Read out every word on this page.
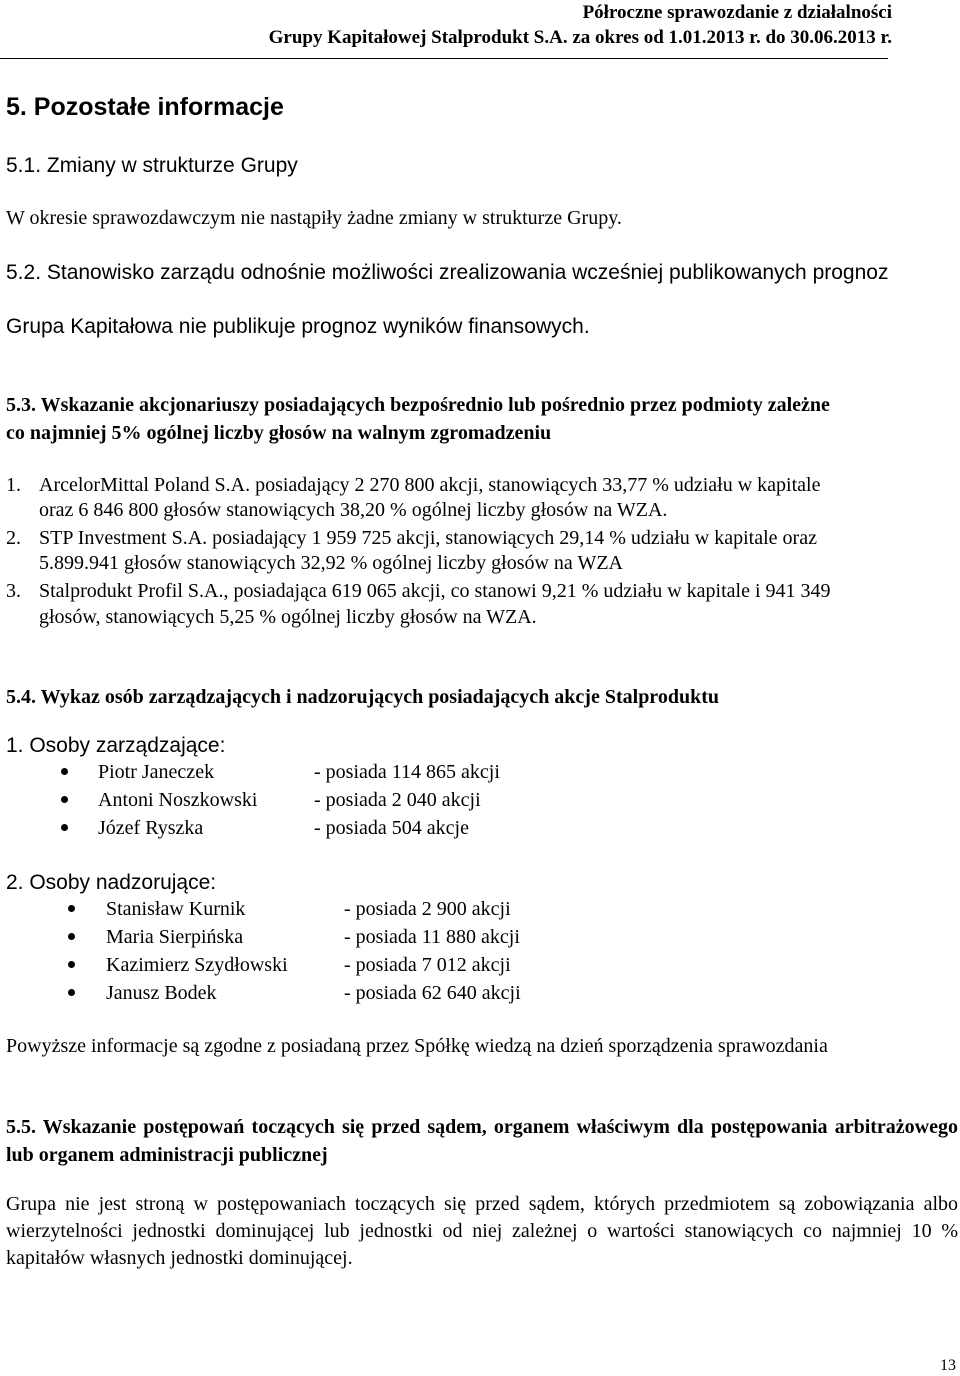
Półroczne sprawozdanie z działalności
Grupy Kapitałowej Stalprodukt S.A. za okres od 1.01.2013 r. do 30.06.2013 r.
5. Pozostałe informacje
5.1. Zmiany w strukturze Grupy
W okresie sprawozdawczym nie nastąpiły żadne zmiany w strukturze Grupy.
5.2. Stanowisko zarządu odnośnie możliwości zrealizowania wcześniej publikowanych prognoz
Grupa Kapitałowa nie publikuje prognoz wyników finansowych.
5.3. Wskazanie akcjonariuszy posiadających bezpośrednio lub pośrednio przez podmioty zależne
co najmniej 5% ogólnej liczby głosów na walnym zgromadzeniu
1. ArcelorMittal Poland S.A. posiadający 2 270 800 akcji, stanowiących 33,77 % udziału w kapitale
oraz 6 846 800 głosów stanowiących 38,20 % ogólnej liczby głosów na WZA.
2. STP Investment S.A. posiadający 1 959 725 akcji, stanowiących 29,14 % udziału w kapitale oraz
5.899.941 głosów stanowiących 32,92 % ogólnej liczby głosów na WZA
3. Stalprodukt Profil S.A., posiadająca 619 065 akcji, co stanowi 9,21 % udziału w kapitale i 941 349
głosów, stanowiących 5,25 % ogólnej liczby głosów na WZA.
5.4. Wykaz osób zarządzających i nadzorujących posiadających akcje Stalproduktu
1. Osoby zarządzające:
Piotr Janeczek	- posiada 114 865 akcji
Antoni Noszkowski	- posiada 2 040 akcji
Józef Ryszka	- posiada 504 akcje
2. Osoby nadzorujące:
Stanisław Kurnik	- posiada 2 900 akcji
Maria Sierpińska	- posiada 11 880 akcji
Kazimierz Szydłowski	- posiada 7 012 akcji
Janusz Bodek	- posiada 62 640 akcji
Powyższe informacje są zgodne z posiadaną przez Spółkę wiedzą na dzień sporządzenia sprawozdania
5.5. Wskazanie postępowań toczących się przed sądem, organem właściwym dla postępowania arbitrażowego lub organem administracji publicznej
Grupa nie jest stroną w postępowaniach toczących się przed sądem, których przedmiotem są zobowiązania albo wierzytelności jednostki dominującej lub jednostki od niej zależnej o wartości stanowiących co najmniej 10 % kapitałów własnych jednostki dominującej.
13
